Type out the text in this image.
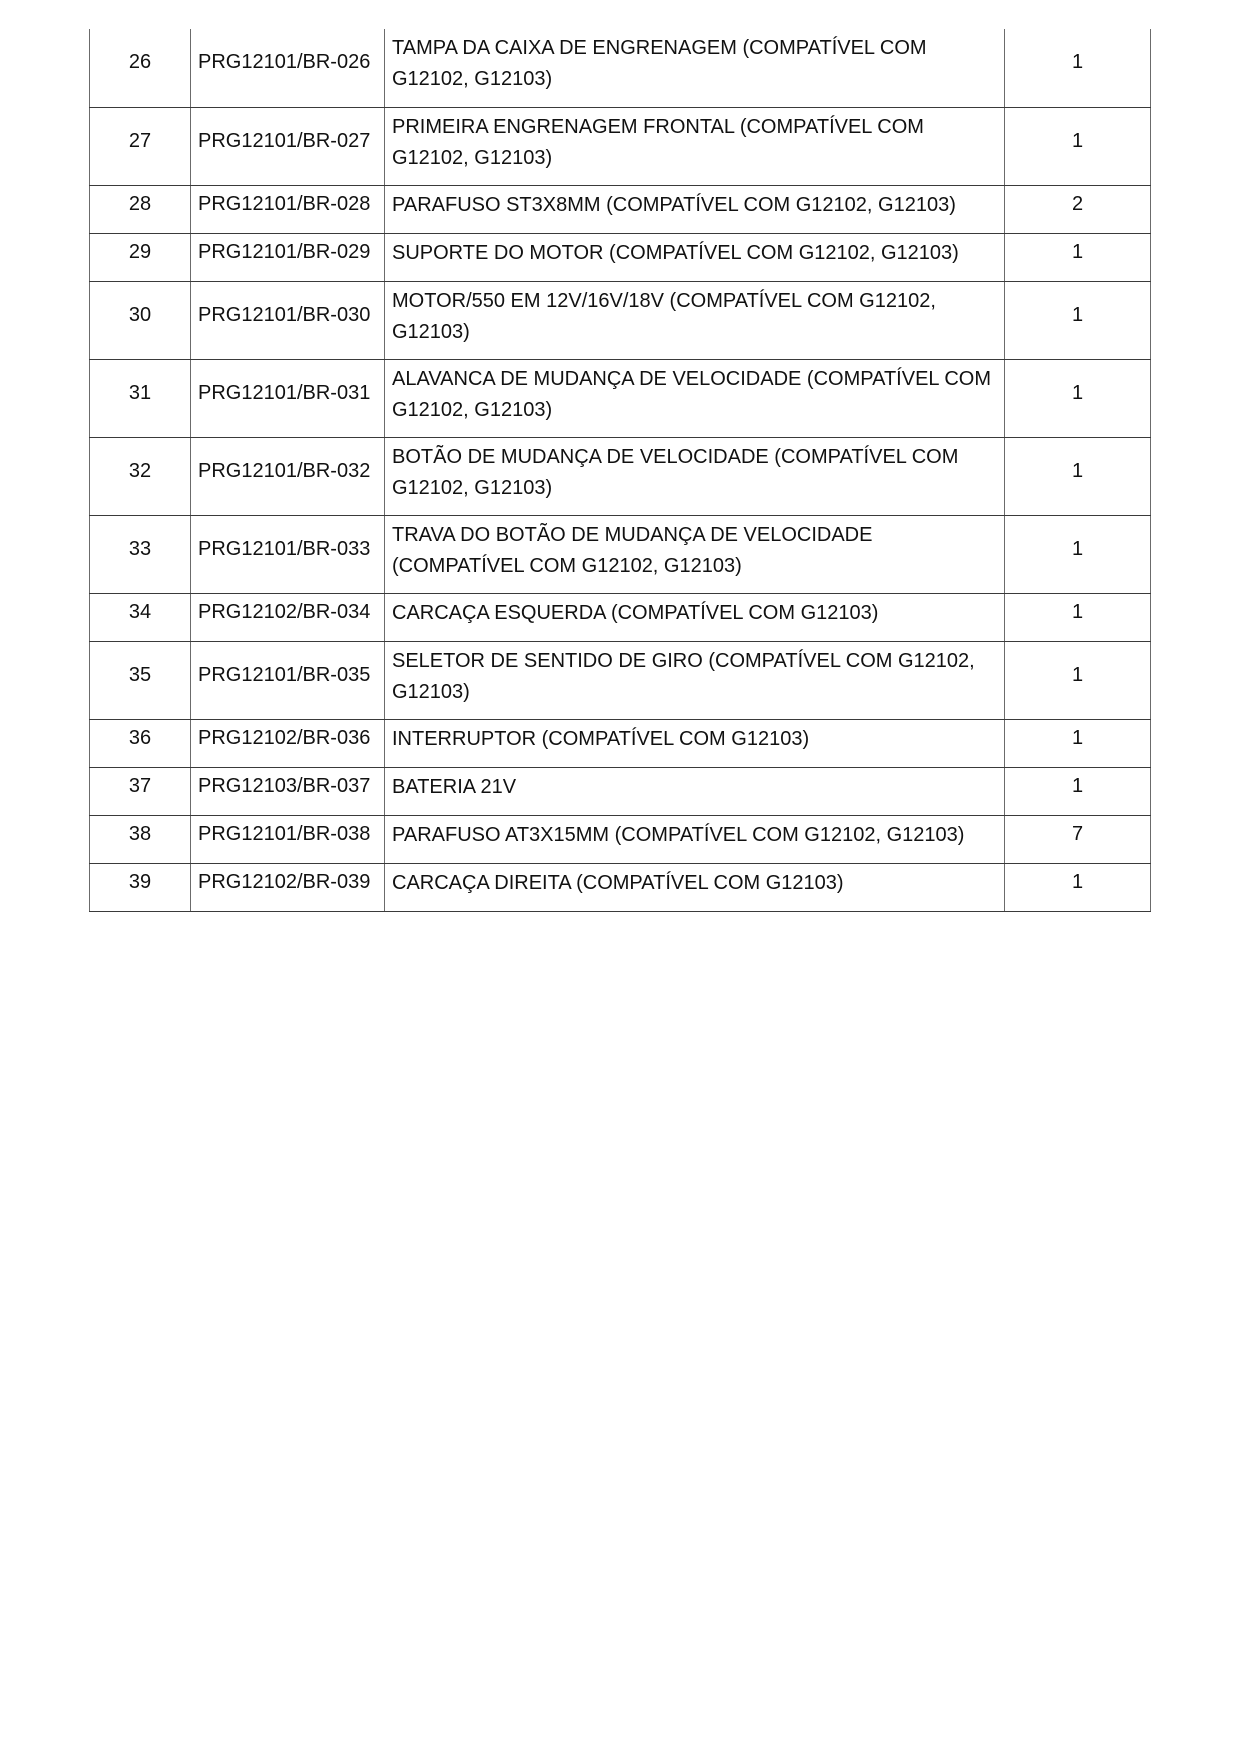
26	PRG12101/BR-026	TAMPA DA CAIXA DE ENGRENAGEM (COMPATÍVEL COM G12102, G12103)	1
27	PRG12101/BR-027	PRIMEIRA ENGRENAGEM FRONTAL (COMPATÍVEL COM G12102, G12103)	1
28	PRG12101/BR-028	PARAFUSO ST3X8MM (COMPATÍVEL COM G12102, G12103)	2
29	PRG12101/BR-029	SUPORTE DO MOTOR (COMPATÍVEL COM G12102, G12103)	1
30	PRG12101/BR-030	MOTOR/550 EM 12V/16V/18V (COMPATÍVEL COM G12102, G12103)	1
31	PRG12101/BR-031	ALAVANCA DE MUDANÇA DE VELOCIDADE (COMPATÍVEL COM G12102, G12103)	1
32	PRG12101/BR-032	BOTÃO DE MUDANÇA DE VELOCIDADE (COMPATÍVEL COM G12102, G12103)	1
33	PRG12101/BR-033	TRAVA DO BOTÃO DE MUDANÇA DE VELOCIDADE (COMPATÍVEL COM G12102, G12103)	1
34	PRG12102/BR-034	CARCAÇA ESQUERDA (COMPATÍVEL COM G12103)	1
35	PRG12101/BR-035	SELETOR DE SENTIDO DE GIRO (COMPATÍVEL COM G12102, G12103)	1
36	PRG12102/BR-036	INTERRUPTOR (COMPATÍVEL COM G12103)	1
37	PRG12103/BR-037	BATERIA 21V	1
38	PRG12101/BR-038	PARAFUSO AT3X15MM (COMPATÍVEL COM G12102, G12103)	7
39	PRG12102/BR-039	CARCAÇA DIREITA (COMPATÍVEL COM G12103)	1
